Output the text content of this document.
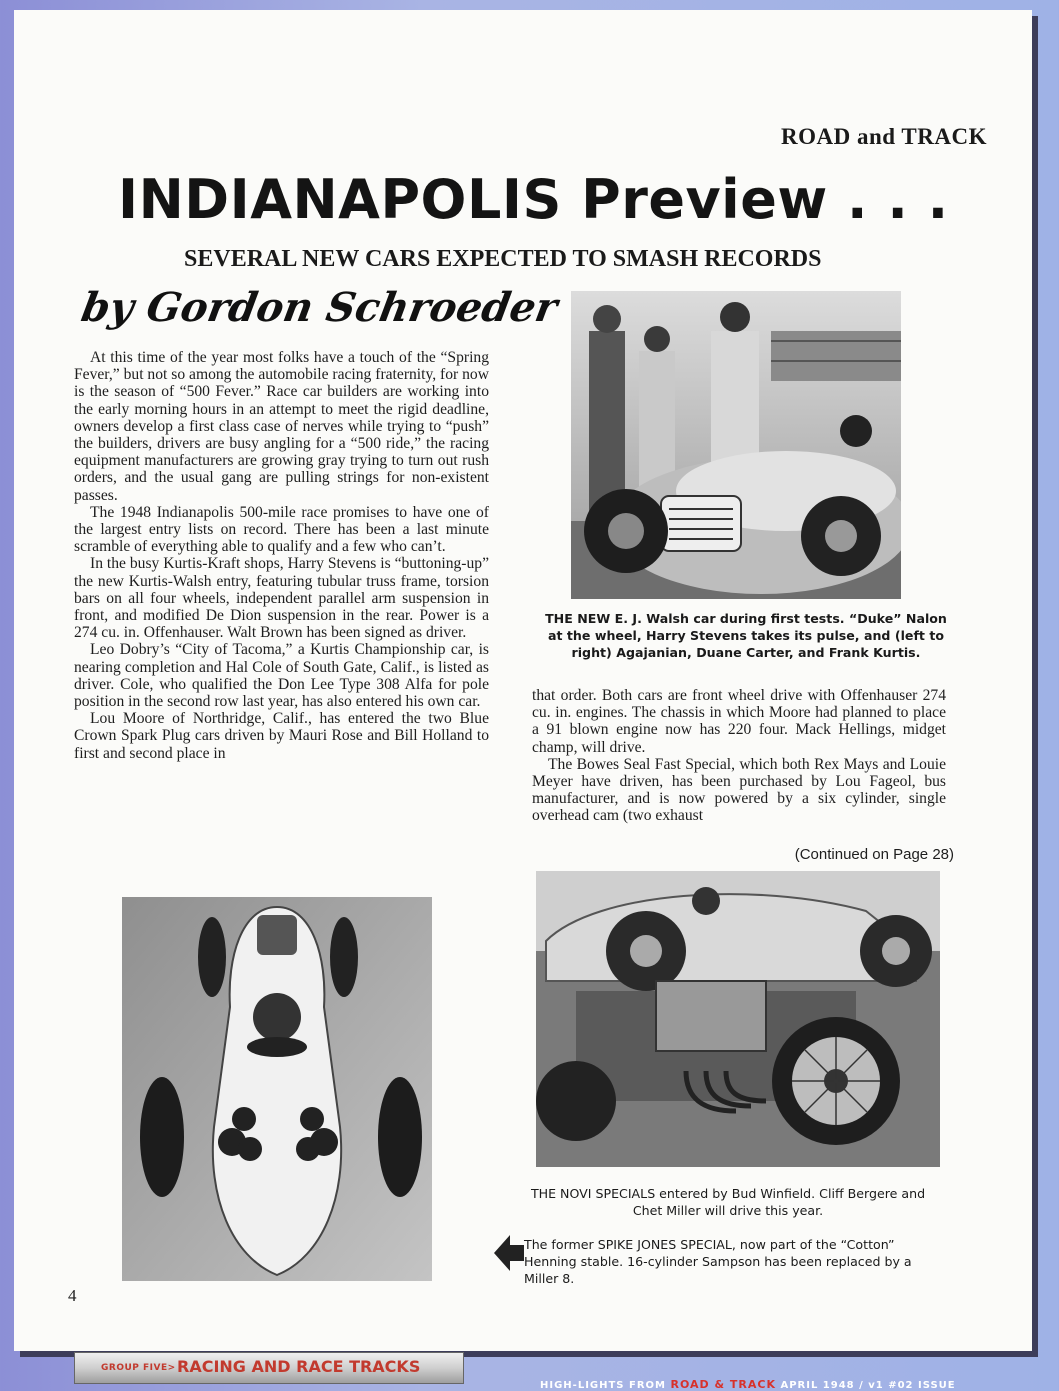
ROAD and TRACK
INDIANAPOLIS Preview . . .
SEVERAL NEW CARS EXPECTED TO SMASH RECORDS
by Gordon Schroeder

At this time of the year most folks have a touch of the “Spring Fever,” but not so among the automobile racing fraternity, for now is the season of “500 Fever.” Race car builders are working into the early morning hours in an attempt to meet the rigid deadline, owners develop a first class case of nerves while trying to “push” the builders, drivers are busy angling for a “500 ride,” the racing equipment manufacturers are growing gray trying to turn out rush orders, and the usual gang are pulling strings for non-existent passes.

The 1948 Indianapolis 500-mile race promises to have one of the largest entry lists on record. There has been a last minute scramble of everything able to qualify and a few who can’t.

In the busy Kurtis-Kraft shops, Harry Stevens is “buttoning-up” the new Kurtis-Walsh entry, featuring tubular truss frame, torsion bars on all four wheels, independent parallel arm suspension in front, and modified De Dion suspension in the rear. Power is a 274 cu. in. Offenhauser. Walt Brown has been signed as driver.

Leo Dobry’s “City of Tacoma,” a Kurtis Championship car, is nearing completion and Hal Cole of South Gate, Calif., is listed as driver. Cole, who qualified the Don Lee Type 308 Alfa for pole position in the second row last year, has also entered his own car.

Lou Moore of Northridge, Calif., has entered the two Blue Crown Spark Plug cars driven by Mauri Rose and Bill Holland to first and second place in

that order. Both cars are front wheel drive with Offenhauser 274 cu. in. engines. The chassis in which Moore had planned to place a 91 blown engine now has 220 four. Mack Hellings, midget champ, will drive.

The Bowes Seal Fast Special, which both Rex Mays and Louie Meyer have driven, has been purchased by Lou Fageol, bus manufacturer, and is now powered by a six cylinder, single overhead cam (two exhaust

(Continued on Page 28)
THE NEW E. J. Walsh car during first tests. “Duke” Nalon at the wheel, Harry Stevens takes its pulse, and (left to right) Agajanian, Duane Carter, and Frank Kurtis.
THE NOVI SPECIALS entered by Bud Winfield. Cliff Bergere and Chet Miller will drive this year.
The former SPIKE JONES SPECIAL, now part of the “Cotton” Henning stable. 16-cylinder Sampson has been replaced by a Miller 8.
4
GROUP FIVE> RACING AND RACE TRACKS
HIGH-LIGHTS FROM ROAD & TRACK APRIL 1948 / v1 #02 ISSUE
